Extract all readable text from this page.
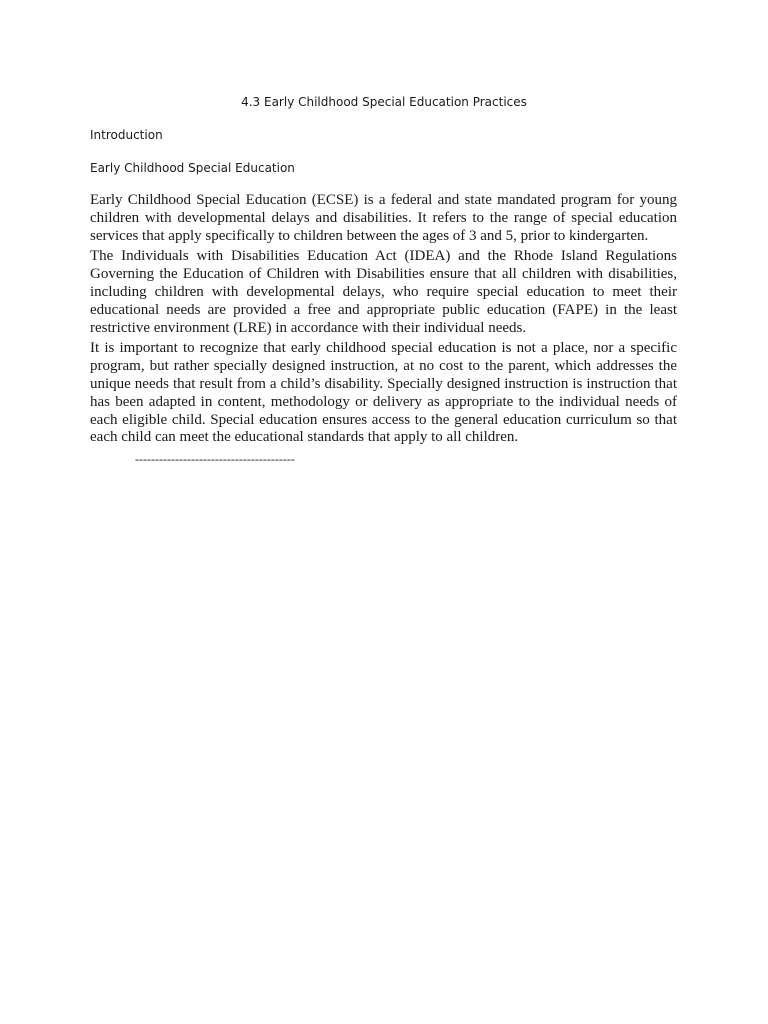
4.3 Early Childhood Special Education Practices
Introduction
Early Childhood Special Education

Early Childhood Special Education (ECSE) is a federal and state mandated program for young children with developmental delays and disabilities. It refers to the range of special education services that apply specifically to children between the ages of 3 and 5, prior to kindergarten.

The Individuals with Disabilities Education Act (IDEA) and the Rhode Island Regulations Governing the Education of Children with Disabilities ensure that all children with disabilities, including children with developmental delays, who require special education to meet their educational needs are provided a free and appropriate public education (FAPE) in the least restrictive environment (LRE) in accordance with their individual needs.

It is important to recognize that early childhood special education is not a place, nor a specific program, but rather specially designed instruction, at no cost to the parent, which addresses the unique needs that result from a child’s disability. Specially designed instruction is instruction that has been adapted in content, methodology or delivery as appropriate to the individual needs of each eligible child. Special education ensures access to the general education curriculum so that each child can meet the educational standards that apply to all children.

----------------------------------------
